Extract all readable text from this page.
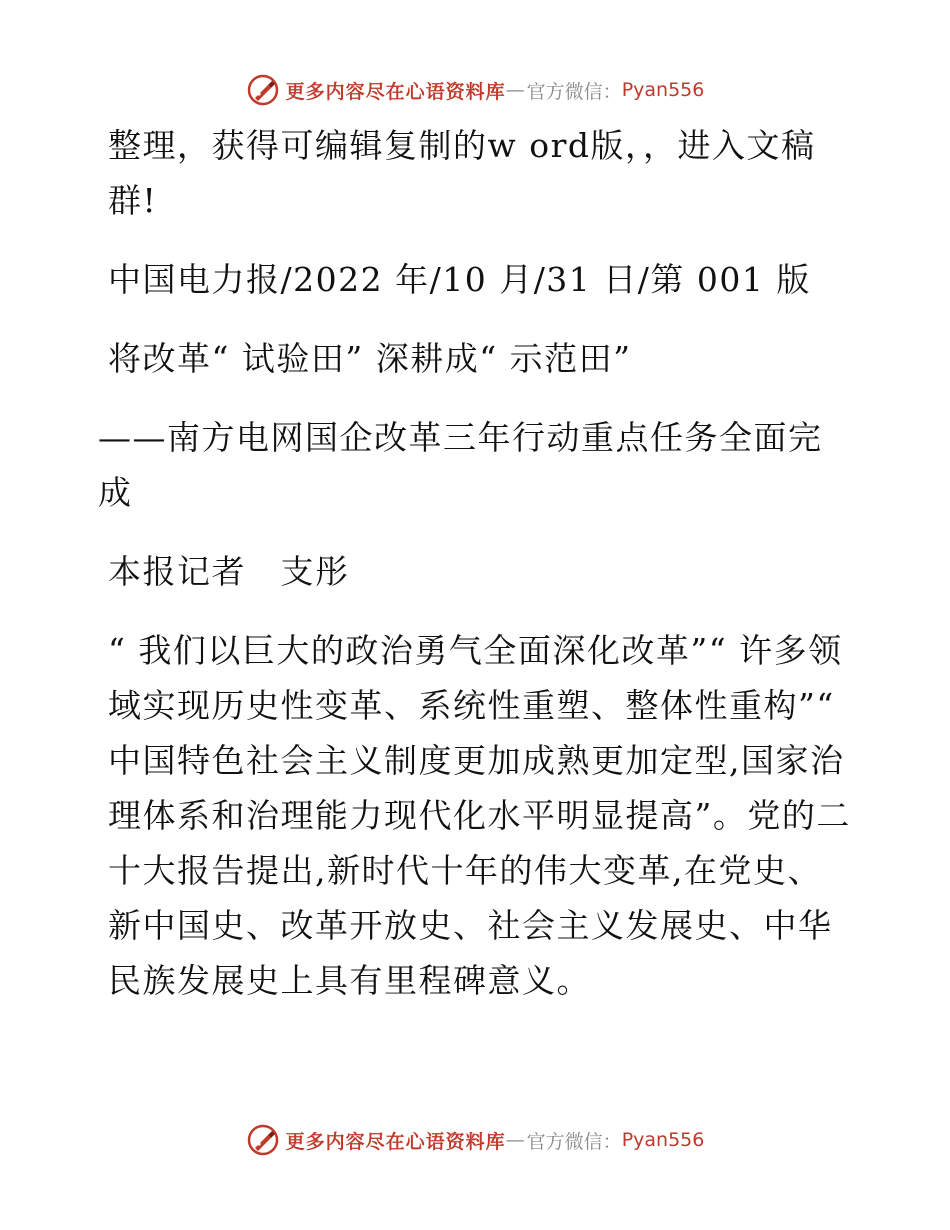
更多内容尽在心语资料库 — 官方微信： Pyan556

整理，获得可编辑复制的w ord版，，进入文稿群!

中国电力报/2022 年/10 月/31 日/第 001 版

将改革“ 试验田” 深耕成“ 示范田”

——南方电网国企改革三年行动重点任务全面完成

本报记者　支彤

“ 我们以巨大的政治勇气全面深化改革”“ 许多领域实现历史性变革、系统性重塑、整体性重构”“ 中国特色社会主义制度更加成熟更加定型,国家治理体系和治理能力现代化水平明显提高”。党的二十大报告提出,新时代十年的伟大变革,在党史、新中国史、改革开放史、社会主义发展史、中华民族发展史上具有里程碑意义。

更多内容尽在心语资料库 — 官方微信： Pyan556
